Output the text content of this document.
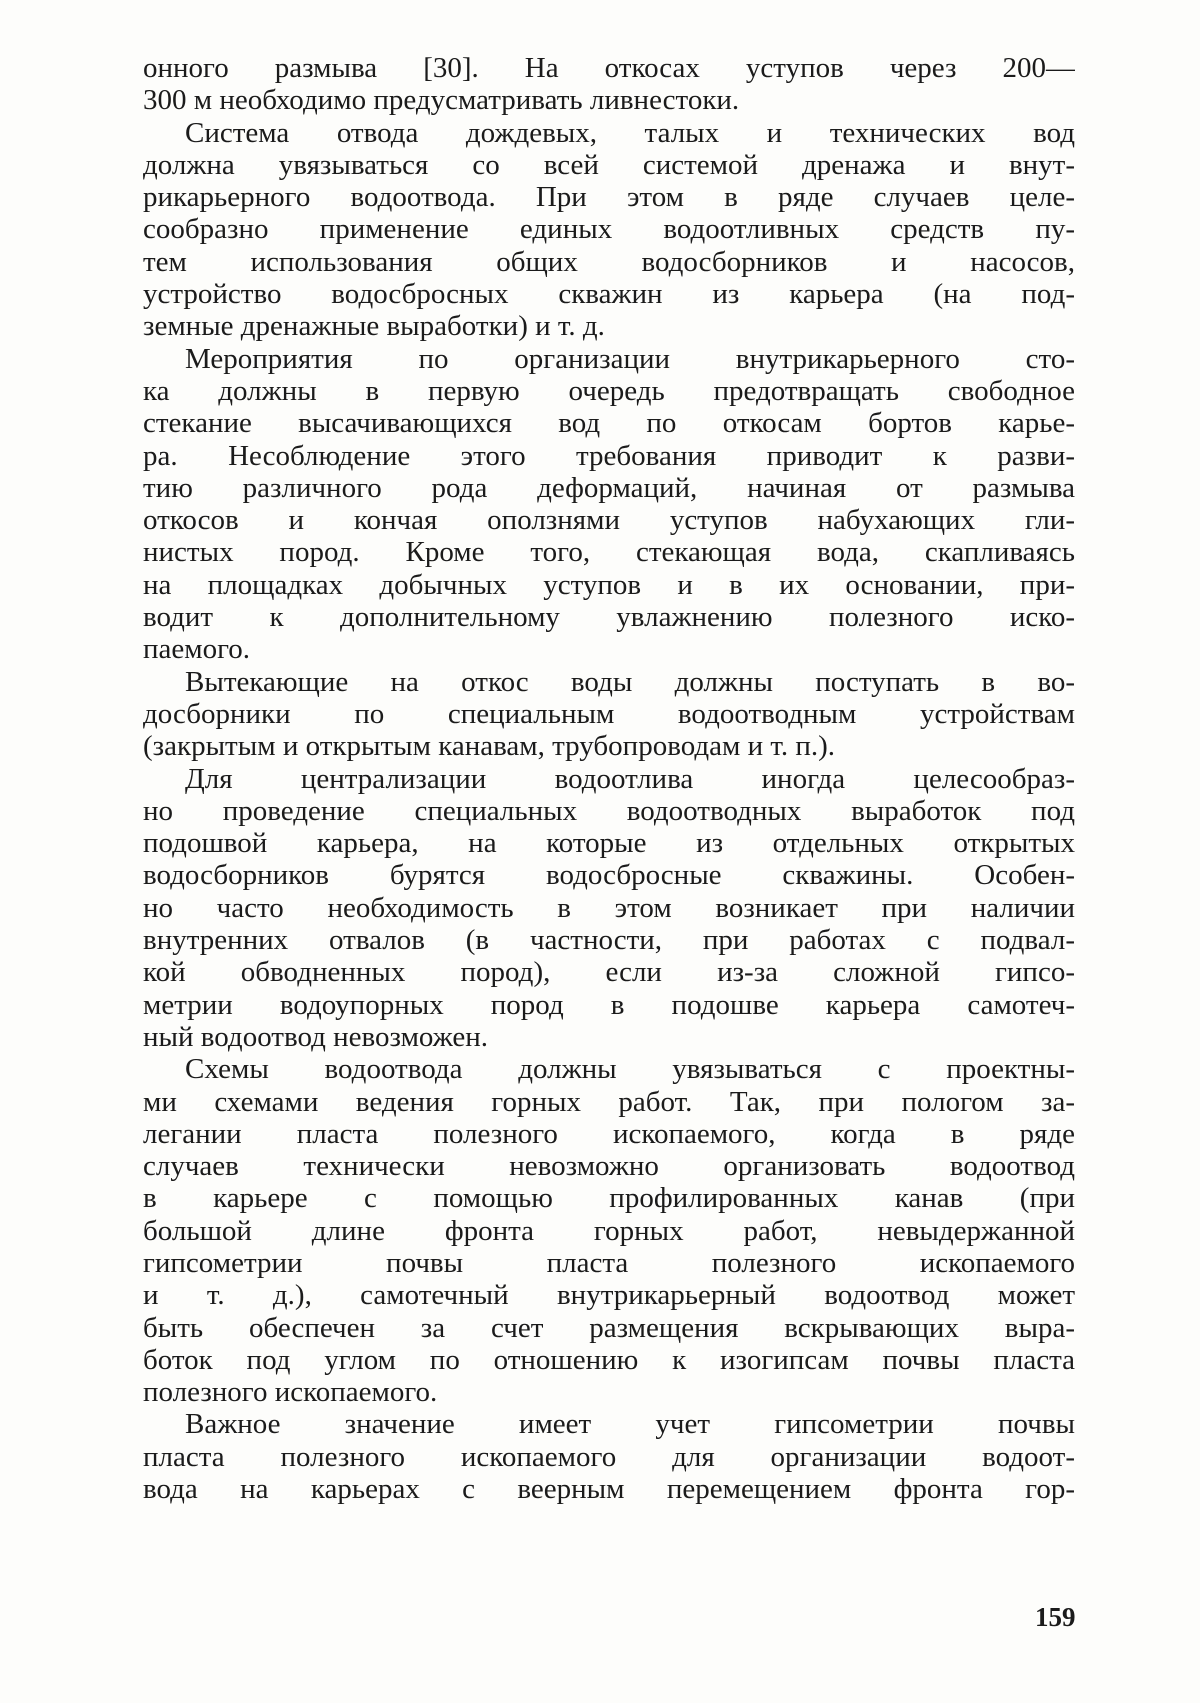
онного размыва [30]. На откосах уступов через 200—
300 м необходимо предусматривать ливнестоки.
Система отвода дождевых, талых и технических вод
должна увязываться со всей системой дренажа и внут-
рикарьерного водоотвода. При этом в ряде случаев целе-
сообразно применение единых водоотливных средств пу-
тем использования общих водосборников и насосов,
устройство водосбросных скважин из карьера (на под-
земные дренажные выработки) и т. д.
Мероприятия по организации внутрикарьерного сто-
ка должны в первую очередь предотвращать свободное
стекание высачивающихся вод по откосам бортов карье-
ра. Несоблюдение этого требования приводит к разви-
тию различного рода деформаций, начиная от размыва
откосов и кончая оползнями уступов набухающих гли-
нистых пород. Кроме того, стекающая вода, скапливаясь
на площадках добычных уступов и в их основании, при-
водит к дополнительному увлажнению полезного иско-
паемого.
Вытекающие на откос воды должны поступать в во-
досборники по специальным водоотводным устройствам
(закрытым и открытым канавам, трубопроводам и т. п.).
Для централизации водоотлива иногда целесообраз-
но проведение специальных водоотводных выработок под
подошвой карьера, на которые из отдельных открытых
водосборников бурятся водосбросные скважины. Особен-
но часто необходимость в этом возникает при наличии
внутренних отвалов (в частности, при работах с подвал-
кой обводненных пород), если из-за сложной гипсо-
метрии водоупорных пород в подошве карьера самотеч-
ный водоотвод невозможен.
Схемы водоотвода должны увязываться с проектны-
ми схемами ведения горных работ. Так, при пологом за-
легании пласта полезного ископаемого, когда в ряде
случаев технически невозможно организовать водоотвод
в карьере с помощью профилированных канав (при
большой длине фронта горных работ, невыдержанной
гипсометрии почвы пласта полезного ископаемого
и т. д.), самотечный внутрикарьерный водоотвод может
быть обеспечен за счет размещения вскрывающих выра-
боток под углом по отношению к изогипсам почвы пласта
полезного ископаемого.
Важное значение имеет учет гипсометрии почвы
пласта полезного ископаемого для организации водоот-
вода на карьерах с веерным перемещением фронта гор-
159
